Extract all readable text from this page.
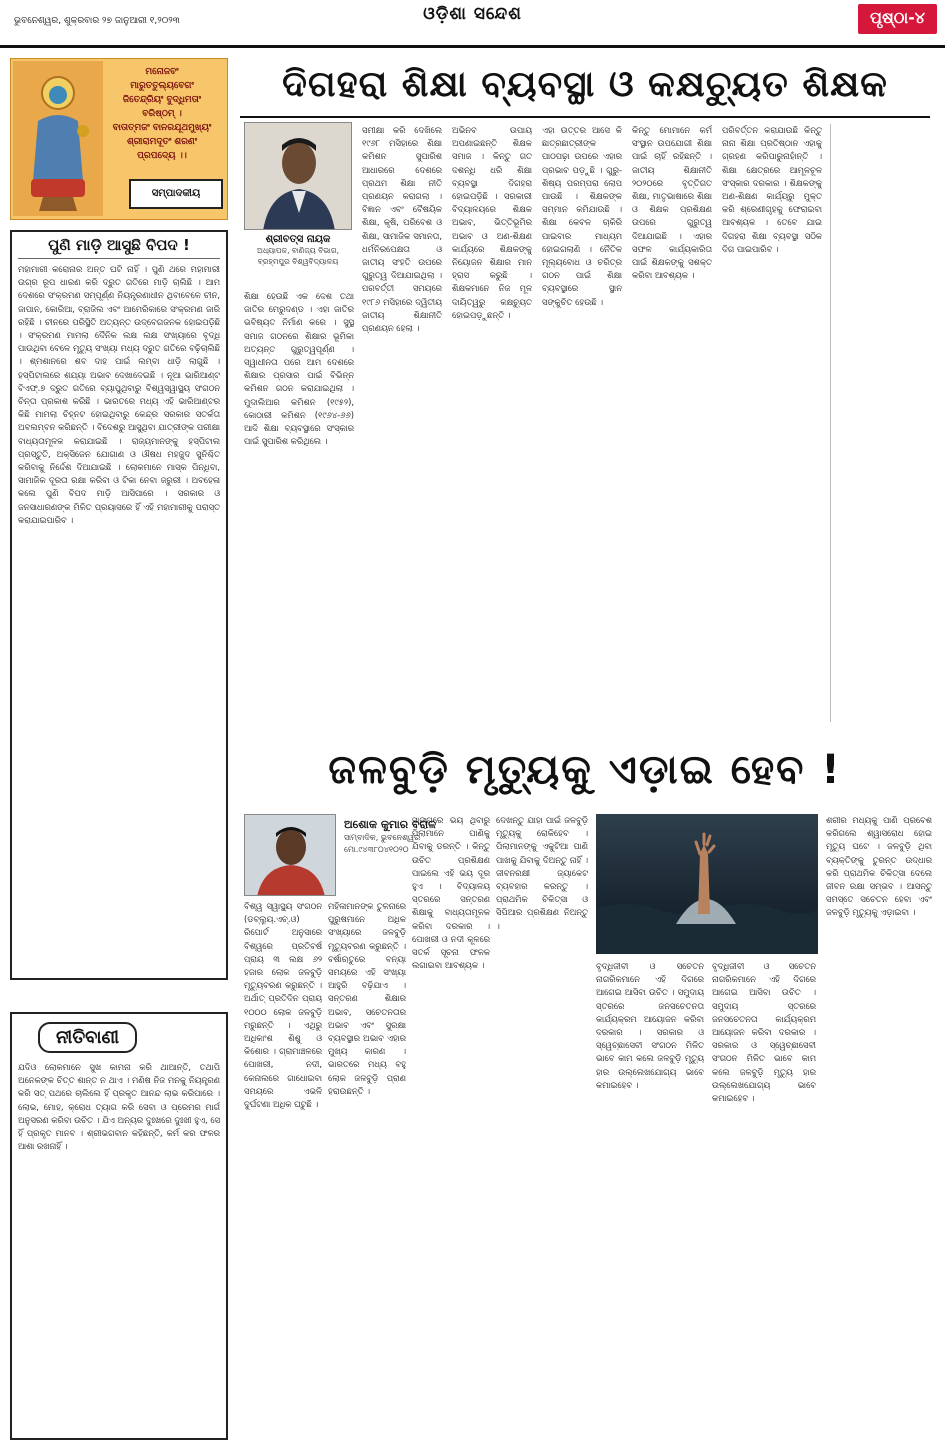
ଭୁବନେଶ୍ୱର, ଶୁକ୍ରବାର ୨୭ ଜାନୁଆରୀ ୧,୨୦୨୩	ଓଡ଼ିଶା ସନ୍ଦେଶ	ପୃଷ୍ଠା-୪
ମନୋଜବଂ
ମାରୁତତୁଲ୍ୟବେଗଂ
ଜିତେନ୍ଦ୍ରିୟଂ ବୁଦ୍ଧିମତାଂ
ବରିଷ୍ଠମ୍ ।
ବାତାତ୍ମଜଂ ବାନରଯୂଥମୁଖ୍ୟଂ
ଶ୍ରୀରାମଦୂତଂ ଶରଣଂ
ପ୍ରପଦ୍ୟେ ।।
ସମ୍ପାଦକୀୟ
ପୁଣି ମାଡ଼ି ଆସୁଛି ବିପଦ !
ମହାମାରୀ କରୋନାର ଅନ୍ତ ଘଟି ନାହିଁ । ପୁଣି ଥରେ ମହାମାରୀ ଉଗ୍ର ରୂପ ଧାରଣ କରି ଦ୍ରୁତ ଗତିରେ ମାଡ଼ି ଚାଲିଛି । ଆମ ଦେଶରେ ସଂକ୍ରମଣ ସମ୍ପୂର୍ଣ୍ଣ ନିୟନ୍ତ୍ରଣାଧୀନ ଥିବାବେଳେ ଚୀନ, ଜାପାନ, କୋରିଆ, ବ୍ରାଜିଲ ଏବଂ ଆମେରିକାରେ ସଂକ୍ରମଣ ଜାରି ରହିଛି । ଚୀନରେ ପରିସ୍ଥିତି ଅତ୍ୟନ୍ତ ଉଦ୍ବେଗଜନକ ହୋଇପଡ଼ିଛି । ସଂକ୍ରମଣ ମାମଲା ଦୈନିକ ଲକ୍ଷ ଲକ୍ଷ ସଂଖ୍ୟାରେ ବୃଦ୍ଧି ପାଉଥିବା ବେଳେ ମୃତ୍ୟୁ ସଂଖ୍ୟା ମଧ୍ୟ ଦ୍ରୁତ ଗତିରେ ବଢ଼ିଚାଲିଛି । ଶ୍ମଶାନରେ ଶବ ଦାହ ପାଇଁ ଲମ୍ବା ଧାଡ଼ି ଲାଗୁଛି । ହସ୍ପିଟାଲରେ ଶଯ୍ୟା ଅଭାବ ଦେଖାଦେଇଛି । ନୂଆ ଭାରିଆଣ୍ଟ ବିଏଫ୍.୭ ଦ୍ରୁତ ଗତିରେ ବ୍ୟାପୁଥିବାରୁ ବିଶ୍ୱସ୍ୱାସ୍ଥ୍ୟ ସଂଗଠନ ଚିନ୍ତା ପ୍ରକାଶ କରିଛି । ଭାରତରେ ମଧ୍ୟ ଏହି ଭାରିଆଣ୍ଟର କିଛି ମାମଲା ଚିହ୍ନଟ ହୋଇଥିବାରୁ କେନ୍ଦ୍ର ସରକାର ସତର୍କତା ଅବଲମ୍ବନ କରିଛନ୍ତି । ବିଦେଶରୁ ଆସୁଥିବା ଯାତ୍ରୀଙ୍କ ପରୀକ୍ଷା ବାଧ୍ୟତାମୂଳକ କରାଯାଇଛି । ରାଜ୍ୟମାନଙ୍କୁ ହସ୍ପିଟାଲ ପ୍ରସ୍ତୁତି, ଅକ୍ସିଜେନ ଯୋଗାଣ ଓ ଔଷଧ ମହଜୁଦ ସୁନିଶ୍ଚିତ କରିବାକୁ ନିର୍ଦ୍ଦେଶ ଦିଆଯାଇଛି । ଲୋକମାନେ ମାସ୍କ ପିନ୍ଧିବା, ସାମାଜିକ ଦୂରତା ରକ୍ଷା କରିବା ଓ ଟିକା ନେବା ଜରୁରୀ । ଅବହେଳା କଲେ ପୁଣି ବିପଦ ମାଡ଼ି ଆସିପାରେ । ସରକାର ଓ ଜନସାଧାରଣଙ୍କ ମିଳିତ ପ୍ରୟାସରେ ହିଁ ଏହି ମହାମାରୀକୁ ପରାସ୍ତ କରାଯାଇପାରିବ ।
ନୀତିବାଣୀ
ଯଦିଓ ଲୋକମାନେ ସୁଖ କାମନା କରି ଥାଆନ୍ତି, ତଥାପି ଅନେକଙ୍କ ଚିତ୍ତ ଶାନ୍ତ ନ ଥାଏ । ମଣିଷ ନିଜ ମନକୁ ନିୟନ୍ତ୍ରଣ କରି ସତ୍ ପଥରେ ଚାଲିଲେ ହିଁ ପ୍ରକୃତ ଆନନ୍ଦ ଲାଭ କରିପାରେ । ଲୋଭ, ମୋହ, କ୍ରୋଧ ତ୍ୟାଗ କରି ସେବା ଓ ପ୍ରେମର ମାର୍ଗ ଅନୁସରଣ କରିବା ଉଚିତ । ଯିଏ ଅନ୍ୟର ଦୁଃଖରେ ଦୁଃଖୀ ହୁଏ, ସେ ହିଁ ପ୍ରକୃତ ମାନବ । ଶ୍ରୀଭଗବାନ କହିଛନ୍ତି, କର୍ମ କର ଫଳର ଆଶା ରଖନାହିଁ ।
ଦିଗହରା ଶିକ୍ଷା ବ୍ୟବସ୍ଥା ଓ କକ୍ଷଚ୍ୟୁତ ଶିକ୍ଷକ
ଶ୍ରୀବତ୍ସ ନାୟକ
ଅଧ୍ୟାପକ, ବାଣିଜ୍ୟ ବିଭାଗ, ବ୍ରହ୍ମପୁର ବିଶ୍ୱବିଦ୍ୟାଳୟ
ଶିକ୍ଷା ହେଉଛି ଏକ ଦେଶ ତଥା ଜାତିର ମେରୁଦଣ୍ଡ । ଏହା ଜାତିର ଭବିଷ୍ୟତ ନିର୍ମାଣ କରେ । ସୁସ୍ଥ ସମାଜ ଗଠନରେ ଶିକ୍ଷାର ଭୂମିକା ଅତ୍ୟନ୍ତ ଗୁରୁତ୍ୱପୂର୍ଣ୍ଣ । ସ୍ୱାଧୀନତା ପରେ ଆମ ଦେଶରେ ଶିକ୍ଷାର ପ୍ରସାର ପାଇଁ ବିଭିନ୍ନ କମିଶନ ଗଠନ କରାଯାଇଥିଲା । ମୁଦାଲିଆର କମିଶନ (୧୯୫୨), କୋଠାରୀ କମିଶନ (୧୯୬୪-୬୬) ଆଦି ଶିକ୍ଷା ବ୍ୟବସ୍ଥାରେ ସଂସ୍କାର ପାଇଁ ସୁପାରିଶ କରିଥିଲେ ।
ସମୀକ୍ଷା କରି ଦେଖିଲେ ୧୯୬୮ ମସିହାରେ ଶିକ୍ଷା କମିଶନ ସୁପାରିଶ ଆଧାରରେ ଦେଶରେ ପ୍ରଥମ ଶିକ୍ଷା ନୀତି ପ୍ରଣୟନ କରାଗଲା । ବିଜ୍ଞାନ ଏବଂ ବୈଷୟିକ ଶିକ୍ଷା, କୃଷି, ପରିବେଶ ଓ ଶିକ୍ଷା, ସାମାଜିକ ସମାନତା, ଧର୍ମନିରପେକ୍ଷତା ଓ ଜାତୀୟ ସଂହତି ଉପରେ ଗୁରୁତ୍ୱ ଦିଆଯାଇଥିଲା । ପରବର୍ତ୍ତୀ ସମୟରେ ୧୯୮୬ ମସିହାରେ ଦ୍ୱିତୀୟ ଜାତୀୟ ଶିକ୍ଷାନୀତି ପ୍ରଣୟନ ହେଲା ।
ଅଭିନବ ଉପାୟ ଅପଣାଇଛନ୍ତି ଶିକ୍ଷକ ସମାଜ । କିନ୍ତୁ ଗତ ଦଶନ୍ଧି ଧରି ଶିକ୍ଷା ବ୍ୟବସ୍ଥା ଦିଗହରା ହୋଇପଡ଼ିଛି । ସରକାରୀ ବିଦ୍ୟାଳୟରେ ଶିକ୍ଷକ ଅଭାବ, ଭିତ୍ତିଭୂମିର ଅଭାବ ଓ ଅଣ-ଶିକ୍ଷଣ କାର୍ଯ୍ୟରେ ଶିକ୍ଷକଙ୍କୁ ନିୟୋଜନ ଶିକ୍ଷାର ମାନ ହ୍ରାସ କରୁଛି । ଶିକ୍ଷକମାନେ ନିଜ ମୂଳ ଦାୟିତ୍ୱରୁ କକ୍ଷଚ୍ୟୁତ ହୋଇପଡ଼ୁଛନ୍ତି ।
ଏହା ଉତ୍ତର ଆସେ କି ଛାତ୍ରଛାତ୍ରୀଙ୍କ ପାଠପଢ଼ା ଉପରେ ଏହାର ପ୍ରଭାବ ପଡ଼ୁଛି । ଗୁରୁ-ଶିଷ୍ୟ ପରମ୍ପରା ଲୋପ ପାଉଛି । ଶିକ୍ଷକଙ୍କ ସମ୍ମାନ କମିଯାଉଛି । ଶିକ୍ଷା କେବଳ ଚାକିରି ପାଇବାର ମାଧ୍ୟମ ହୋଇଗଲାଣି । ନୈତିକ ମୂଲ୍ୟବୋଧ ଓ ଚରିତ୍ର ଗଠନ ପାଇଁ ଶିକ୍ଷା ବ୍ୟବସ୍ଥାରେ ସ୍ଥାନ ସଙ୍କୁଚିତ ହେଉଛି ।
କିନ୍ତୁ ମୋମାନେ କର୍ମ ସଂସ୍ଥାନ ଉପଯୋଗୀ ଶିକ୍ଷା ପାଇଁ ଚାହିଁ ରହିଛନ୍ତି । ଜାତୀୟ ଶିକ୍ଷାନୀତି ୨୦୨୦ରେ ବୃତ୍ତିଗତ ଶିକ୍ଷା, ମାତୃଭାଷାରେ ଶିକ୍ଷା ଓ ଶିକ୍ଷକ ପ୍ରଶିକ୍ଷଣ ଉପରେ ଗୁରୁତ୍ୱ ଦିଆଯାଇଛି । ଏହାର ସଫଳ କାର୍ଯ୍ୟକାରିତା ପାଇଁ ଶିକ୍ଷକଙ୍କୁ ସଶକ୍ତ କରିବା ଆବଶ୍ୟକ ।
ପରିବର୍ତ୍ତନ କରାଯାଉଛି କିନ୍ତୁ ନାନା ଶିକ୍ଷା ପ୍ରତିଷ୍ଠାନ ଏହାକୁ ଗ୍ରହଣ କରିପାରୁନାହାଁନ୍ତି । ଶିକ୍ଷା କ୍ଷେତ୍ରରେ ଆମୂଳଚୂଳ ସଂସ୍କାର ଦରକାର । ଶିକ୍ଷକଙ୍କୁ ଅଣ-ଶିକ୍ଷଣ କାର୍ଯ୍ୟରୁ ମୁକ୍ତ କରି ଶ୍ରେଣୀଗୃହକୁ ଫେରାଇବା ଆବଶ୍ୟକ । ତେବେ ଯାଇ ଦିଗହରା ଶିକ୍ଷା ବ୍ୟବସ୍ଥା ସଠିକ ଦିଗ ପାଇପାରିବ ।
ଜଳବୁଡ଼ି ମୃତ୍ୟୁକୁ ଏଡ଼ାଇ ହେବ !
ଅଶୋକ କୁମାର ବରାଳ
ସାମ୍ବାଦିକ, ଭୁବନେଶ୍ୱର
ମୋ.୯୪୩୮୦୪୧୦୨୦
ବିଶ୍ୱ ସ୍ୱାସ୍ଥ୍ୟ ସଂଗଠନ (ଡବ୍ଲ୍ୟୁ.ଏଚ୍.ଓ) ରିପୋର୍ଟ ଅନୁସାରେ ବିଶ୍ୱରେ ପ୍ରତିବର୍ଷ ପ୍ରାୟ ୩ ଲକ୍ଷ ୬୨ ହଜାର ଲୋକ ଜଳବୁଡ଼ି ମୃତ୍ୟୁବରଣ କରୁଛନ୍ତି । ଅର୍ଥାତ୍ ପ୍ରତିଦିନ ପ୍ରାୟ ୧୦୦୦ ଲୋକ ଜଳବୁଡ଼ି ମରୁଛନ୍ତି । ଏଥିରୁ ଅଧିକାଂଶ ଶିଶୁ ଓ କିଶୋର । ଗ୍ରାମାଞ୍ଚଳରେ ପୋଖରୀ, ନଦୀ, କେନାଲରେ ଗାଧୋଇବା ସମୟରେ ଏଭଳି ଦୁର୍ଘଟଣା ଅଧିକ ଘଟୁଛି ।
ମହିଳାମାନଙ୍କ ତୁଳନାରେ ପୁରୁଷମାନେ ଅଧିକ ସଂଖ୍ୟାରେ ଜଳବୁଡ଼ି ମୃତ୍ୟୁବରଣ କରୁଛନ୍ତି । ବର୍ଷାଋତୁରେ ବନ୍ୟା ସମୟରେ ଏହି ସଂଖ୍ୟା ଆହୁରି ବଢ଼ିଯାଏ । ସନ୍ତରଣ ଶିକ୍ଷାର ଅଭାବ, ସଚେତନତାର ଅଭାବ ଏବଂ ସୁରକ୍ଷା ବ୍ୟବସ୍ଥାର ଅଭାବ ଏହାର ମୁଖ୍ୟ କାରଣ । ଭାରତରେ ମଧ୍ୟ ବହୁ ଲୋକ ଜଳବୁଡ଼ି ପ୍ରାଣ ହରାଉଛନ୍ତି ।
ସାଙ୍ଗରେ ଭୟ ଥିବାରୁ ପିଲାମାନେ ପାଣିକୁ ଯିବାକୁ ଡରନ୍ତି । କିନ୍ତୁ ଉଚିତ ପ୍ରଶିକ୍ଷଣ ପାଇଲେ ଏହି ଭୟ ଦୂର ହୁଏ । ବିଦ୍ୟାଳୟ ସ୍ତରରେ ସନ୍ତରଣ ଶିକ୍ଷାକୁ ବାଧ୍ୟତାମୂଳକ କରିବା ଦରକାର । ପୋଖରୀ ଓ ନଦୀ କୂଳରେ ସତର୍କ ସୂଚନା ଫଳକ ଲଗାଇବା ଆବଶ୍ୟକ ।
ଦେଖନ୍ତୁ ଯାହା ପାଇଁ ଜଳବୁଡ଼ି ମୃତ୍ୟୁକୁ ରୋକିହେବ । ପିଲାମାନଙ୍କୁ ଏକୁଟିଆ ପାଣି ପାଖକୁ ଯିବାକୁ ଦିଅନ୍ତୁ ନାହିଁ । ଜୀବନରକ୍ଷୀ ଜ୍ୟାକେଟ ବ୍ୟବହାର କରନ୍ତୁ । ପ୍ରାଥମିକ ଚିକିତ୍ସା ଓ ସିପିଆର ପ୍ରଶିକ୍ଷଣ ନିଅନ୍ତୁ ।
ବୃଦ୍ଧିଜୀବୀ ଓ ସଚେତନ ନାଗରିକମାନେ ଏହି ଦିଗରେ ଆଗେଇ ଆସିବା ଉଚିତ । ସମୁଦାୟ ସ୍ତରରେ ଜନସଚେତନତା କାର୍ଯ୍ୟକ୍ରମ ଆୟୋଜନ କରିବା ଦରକାର । ସରକାର ଓ ସ୍ୱେଚ୍ଛାସେବୀ ସଂଗଠନ ମିଳିତ ଭାବେ କାମ କଲେ ଜଳବୁଡ଼ି ମୃତ୍ୟୁ ହାର ଉଲ୍ଲେଖଯୋଗ୍ୟ ଭାବେ କମାଇହେବ ।
ବୃଦ୍ଧିଜୀବୀ ଓ ସଚେତନ ନାଗରିକମାନେ ଏହି ଦିଗରେ ଆଗେଇ ଆସିବା ଉଚିତ । ସମୁଦାୟ ସ୍ତରରେ ଜନସଚେତନତା କାର୍ଯ୍ୟକ୍ରମ ଆୟୋଜନ କରିବା ଦରକାର । ସରକାର ଓ ସ୍ୱେଚ୍ଛାସେବୀ ସଂଗଠନ ମିଳିତ ଭାବେ କାମ କଲେ ଜଳବୁଡ଼ି ମୃତ୍ୟୁ ହାର ଉଲ୍ଲେଖଯୋଗ୍ୟ ଭାବେ କମାଇହେବ ।
ଶରୀର ମଧ୍ୟକୁ ପାଣି ପ୍ରବେଶ କରିଗଲେ ଶ୍ୱାସରୋଧ ହୋଇ ମୃତ୍ୟୁ ଘଟେ । ଜଳବୁଡ଼ି ଥିବା ବ୍ୟକ୍ତିଙ୍କୁ ତୁରନ୍ତ ଉଦ୍ଧାର କରି ପ୍ରାଥମିକ ଚିକିତ୍ସା ଦେଲେ ଜୀବନ ରକ୍ଷା ସମ୍ଭବ । ଆସନ୍ତୁ ସମସ୍ତେ ସଚେତନ ହେବା ଏବଂ ଜଳବୁଡ଼ି ମୃତ୍ୟୁକୁ ଏଡ଼ାଇବା ।
